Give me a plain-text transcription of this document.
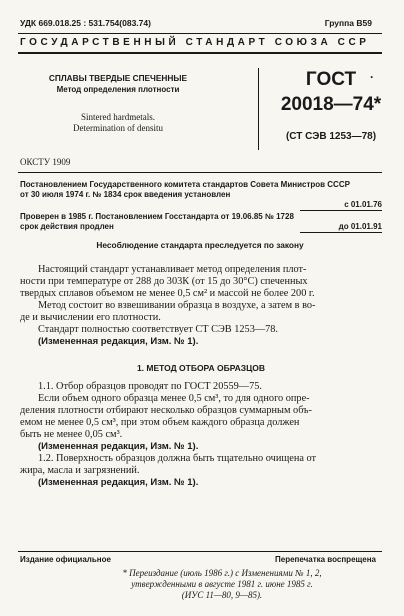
УДК 669.018.25 : 531.754(083.74)	Группа В59
ГОСУДАРСТВЕННЫЙ СТАНДАРТ СОЮЗА ССР
СПЛАВЫ ТВЕРДЫЕ СПЕЧЕННЫЕ
Метод определения плотности
Sintered hardmetals.
Determination of densitu
ГОСТ	·
20018—74*
(СТ СЭВ 1253—78)
ОКСТУ 1909
Постановлением Государственного комитета стандартов Совета Министров СССР
от 30 июля 1974 г. № 1834 срок введения установлен
с 01.01.76
Проверен в 1985 г. Постановлением Госстандарта от 19.06.85 № 1728
срок действия продлен	до 01.01.91
Несоблюдение стандарта преследуется по закону
Настоящий стандарт устанавливает метод определения плот-
ности при температуре от 288 до 303К (от 15 до 30°С) спеченных
твердых сплавов объемом не менее 0,5 см² и массой не более 200 г.
Метод состоит во взвешивании образца в воздухе, а затем в во-
де и вычислении его плотности.
Стандарт полностью соответствует СТ СЭВ 1253—78.
(Измененная редакция, Изм. № 1).
1. МЕТОД ОТБОРА ОБРАЗЦОВ
1.1. Отбор образцов проводят по ГОСТ 20559—75.
Если объем одного образца менее 0,5 см³, то для одного опре-
деления плотности отбирают несколько образцов суммарным объ-
емом не менее 0,5 см³, при этом объем каждого образца должен
быть не менее 0,05 см³.
(Измененная редакция, Изм. № 1).
1.2. Поверхность образцов должна быть тщательно очищена от
жира, масла и загрязнений.
(Измененная редакция, Изм. № 1).
Издание официальное	Перепечатка воспрещена
* Переиздание (июль 1986 г.) с Изменениями № 1, 2,
утвержденными в августе 1981 г. июне 1985 г.
(ИУС 11—80, 9—85).
